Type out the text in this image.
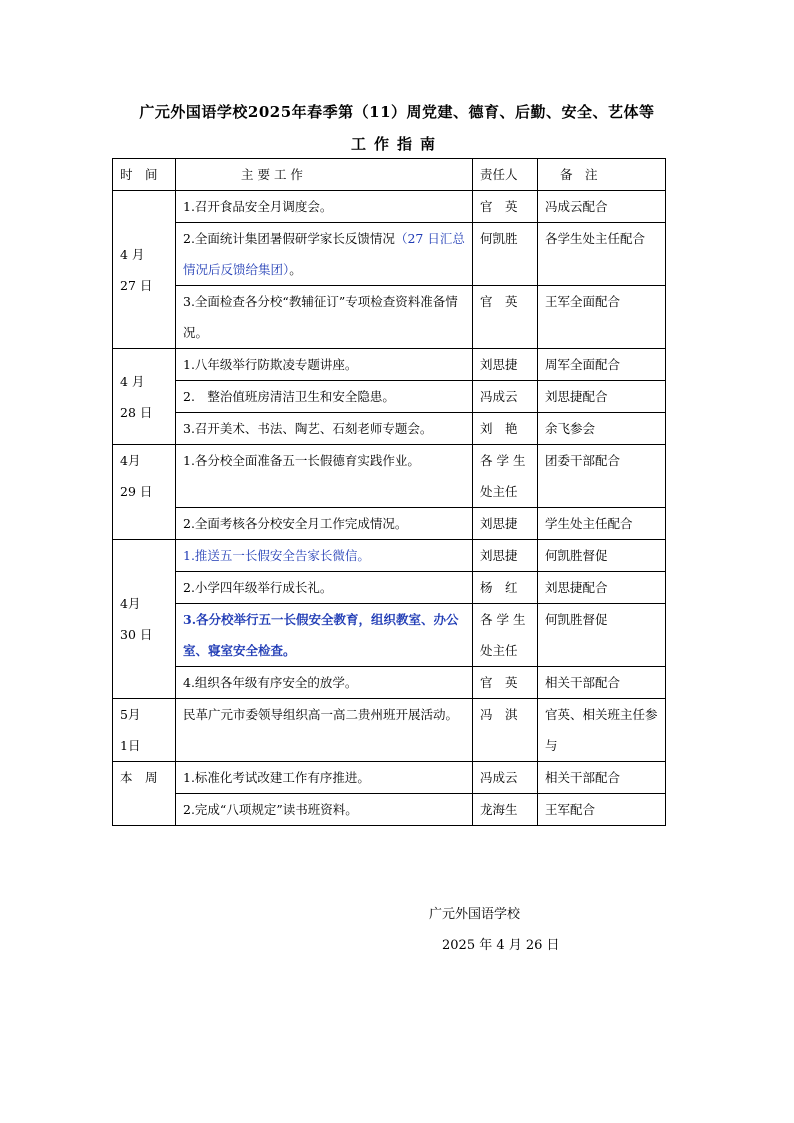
广元外国语学校2025年春季第（11）周党建、德育、后勤、安全、艺体等
工作指南
时　间	主 要 工 作	责任人	备　注
4 月
27 日	1.召开食品安全月调度会。	官　英	冯成云配合
	2.全面统计集团暑假研学家长反馈情况（27 日汇总情况后反馈给集团）。	何凯胜	各学生处主任配合
	3.全面检查各分校“教辅征订”专项检查资料准备情况。	官　英	王军全面配合
4 月
28 日	1.八年级举行防欺凌专题讲座。	刘思捷	周军全面配合
	2.　整治值班房清洁卫生和安全隐患。	冯成云	刘思捷配合
	3.召开美术、书法、陶艺、石刻老师专题会。	刘　艳	余飞参会
4月
29 日	1.各分校全面准备五一长假德育实践作业。	各 学 生 处主任	团委干部配合
	2.全面考核各分校安全月工作完成情况。	刘思捷	学生处主任配合
4月
30 日	1.推送五一长假安全告家长微信。	刘思捷	何凯胜督促
	2.小学四年级举行成长礼。	杨　红	刘思捷配合
	3.各分校举行五一长假安全教育，组织教室、办公室、寝室安全检查。	各 学 生 处主任	何凯胜督促
	4.组织各年级有序安全的放学。	官　英	相关干部配合
5月
1日	民革广元市委领导组织高一高二贵州班开展活动。	冯　淇	官英、相关班主任参与
本　周	1.标准化考试改建工作有序推进。	冯成云	相关干部配合
	2.完成“八项规定”读书班资料。	龙海生	王军配合
广元外国语学校
2025 年 4 月 26 日
